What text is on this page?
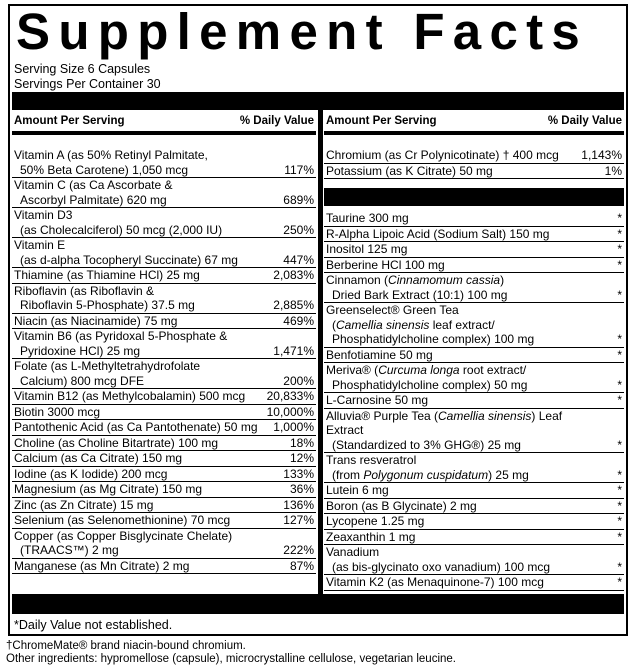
Supplement Facts
Serving Size 6 Capsules
Servings Per Container 30
Amount Per Serving	% Daily Value
Vitamin A (as 50% Retinyl Palmitate,
50% Beta Carotene) 1,050 mcg	117%
Vitamin C (as Ca Ascorbate &
Ascorbyl Palmitate) 620 mg	689%
Vitamin D3
(as Cholecalciferol) 50 mcg (2,000 IU)	250%
Vitamin E
(as d-alpha Tocopheryl Succinate) 67 mg	447%
Thiamine (as Thiamine HCl) 25 mg	2,083%
Riboflavin (as Riboflavin &
Riboflavin 5-Phosphate) 37.5 mg	2,885%
Niacin (as Niacinamide) 75 mg	469%
Vitamin B6 (as Pyridoxal 5-Phosphate &
Pyridoxine HCl) 25 mg	1,471%
Folate (as L-Methyltetrahydrofolate
Calcium) 800 mcg DFE	200%
Vitamin B12 (as Methylcobalamin) 500 mcg	20,833%
Biotin 3000 mcg	10,000%
Pantothenic Acid (as Ca Pantothenate) 50 mg	1,000%
Choline (as Choline Bitartrate) 100 mg	18%
Calcium (as Ca Citrate) 150 mg	12%
Iodine (as K Iodide) 200 mcg	133%
Magnesium (as Mg Citrate) 150 mg	36%
Zinc (as Zn Citrate) 15 mg	136%
Selenium (as Selenomethionine) 70 mcg	127%
Copper (as Copper Bisglycinate Chelate)
(TRAACS™) 2 mg	222%
Manganese (as Mn Citrate) 2 mg	87%
Amount Per Serving	% Daily Value
Chromium (as Cr Polynicotinate) † 400 mcg	1,143%
Potassium (as K Citrate) 50 mg	1%
Taurine 300 mg	*
R-Alpha Lipoic Acid (Sodium Salt) 150 mg	*
Inositol 125 mg	*
Berberine HCl 100 mg	*
Cinnamon (Cinnamomum cassia)
Dried Bark Extract (10:1) 100 mg	*
Greenselect® Green Tea
(Camellia sinensis leaf extract/
Phosphatidylcholine complex) 100 mg	*
Benfotiamine 50 mg	*
Meriva® (Curcuma longa root extract/
Phosphatidylcholine complex) 50 mg	*
L-Carnosine 50 mg	*
Alluvia® Purple Tea (Camellia sinensis) Leaf Extract
(Standardized to 3% GHG®) 25 mg	*
Trans resveratrol
(from Polygonum cuspidatum) 25 mg	*
Lutein 6 mg	*
Boron (as B Glycinate) 2 mg	*
Lycopene 1.25 mg	*
Zeaxanthin 1 mg	*
Vanadium
(as bis-glycinato oxo vanadium) 100 mcg	*
Vitamin K2 (as Menaquinone-7) 100 mcg	*
*Daily Value not established.
†ChromeMate® brand niacin-bound chromium.
Other ingredients: hypromellose (capsule), microcrystalline cellulose, vegetarian leucine.
